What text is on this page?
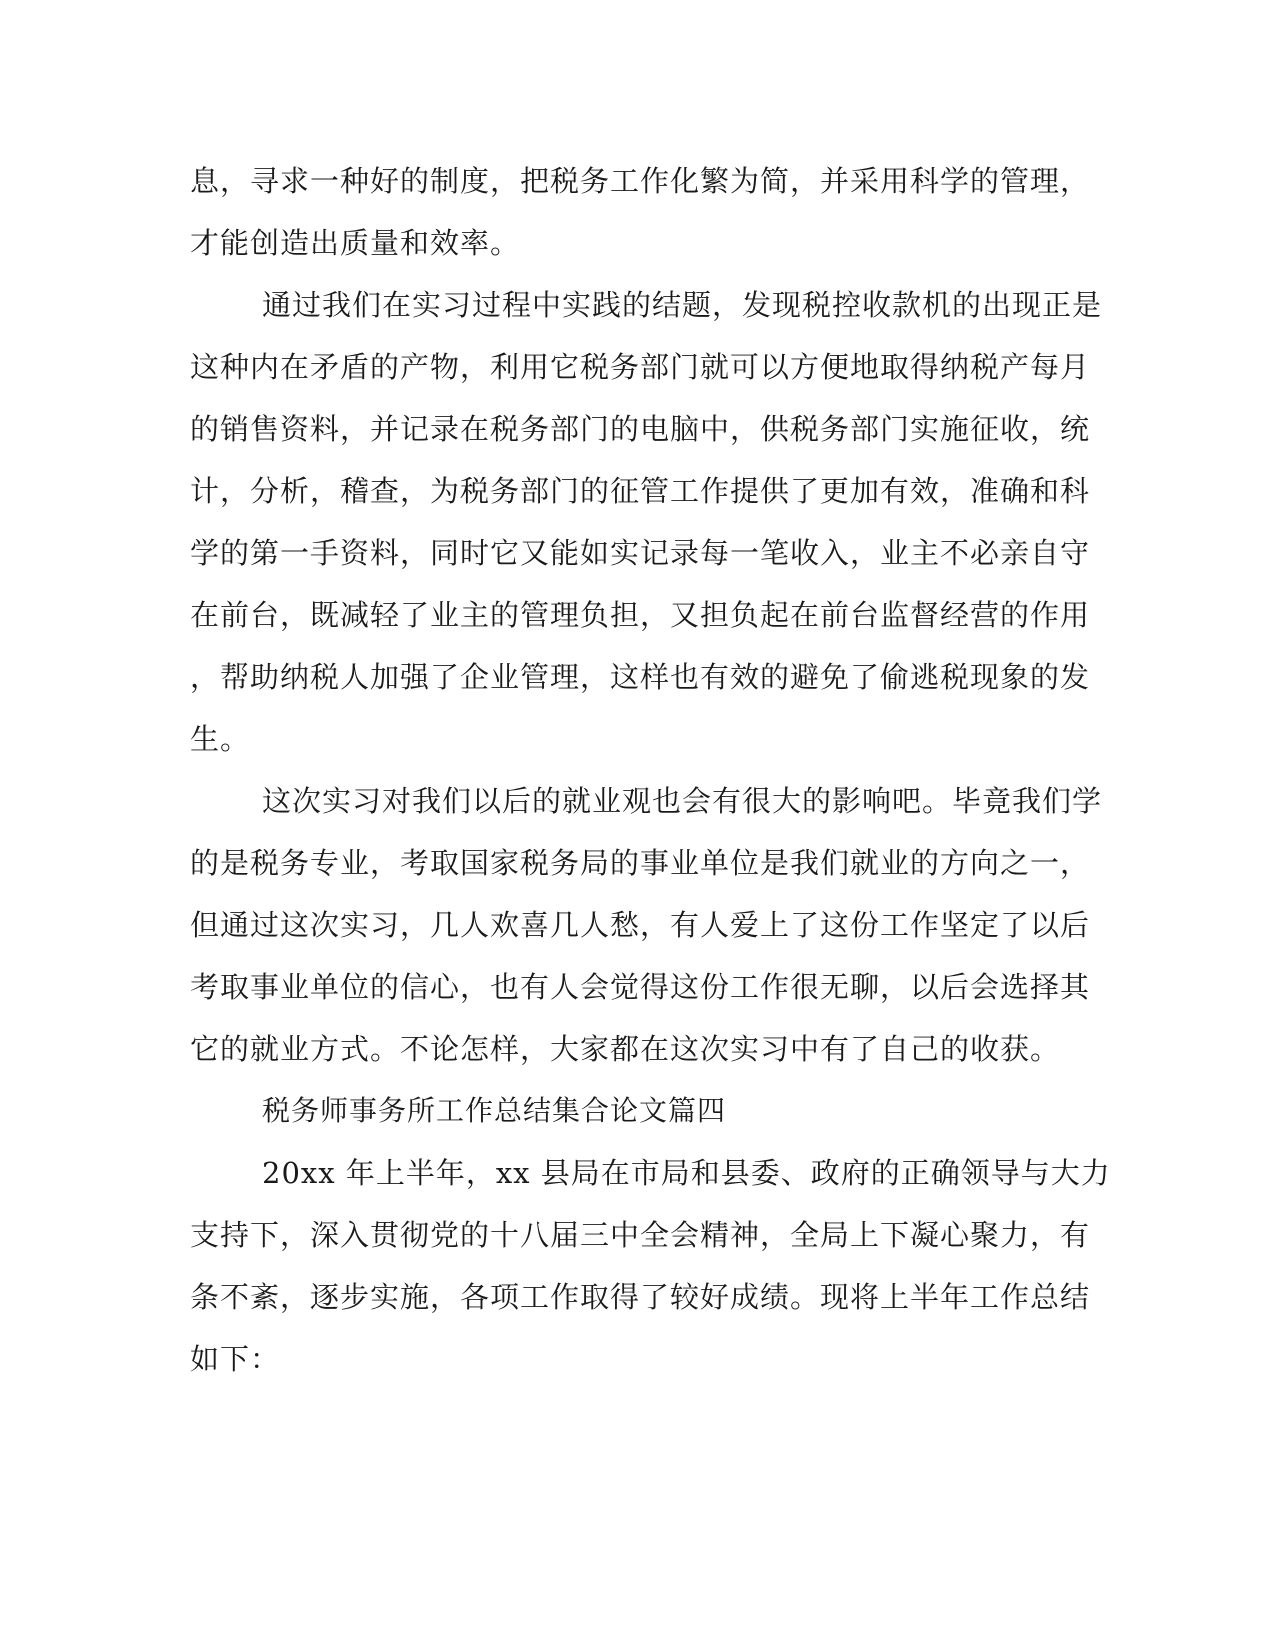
息，寻求一种好的制度，把税务工作化繁为简，并采用科学的管理，
才能创造出质量和效率。
通过我们在实习过程中实践的结题，发现税控收款机的出现正是
这种内在矛盾的产物，利用它税务部门就可以方便地取得纳税产每月
的销售资料，并记录在税务部门的电脑中，供税务部门实施征收，统
计，分析，稽查，为税务部门的征管工作提供了更加有效，准确和科
学的第一手资料，同时它又能如实记录每一笔收入，业主不必亲自守
在前台，既减轻了业主的管理负担，又担负起在前台监督经营的作用
，帮助纳税人加强了企业管理，这样也有效的避免了偷逃税现象的发
生。
这次实习对我们以后的就业观也会有很大的影响吧。毕竟我们学
的是税务专业，考取国家税务局的事业单位是我们就业的方向之一，
但通过这次实习，几人欢喜几人愁，有人爱上了这份工作坚定了以后
考取事业单位的信心，也有人会觉得这份工作很无聊，以后会选择其
它的就业方式。不论怎样，大家都在这次实习中有了自己的收获。
税务师事务所工作总结集合论文篇四
20xx 年上半年，xx 县局在市局和县委、政府的正确领导与大力
支持下，深入贯彻党的十八届三中全会精神，全局上下凝心聚力，有
条不紊，逐步实施，各项工作取得了较好成绩。现将上半年工作总结
如下：
